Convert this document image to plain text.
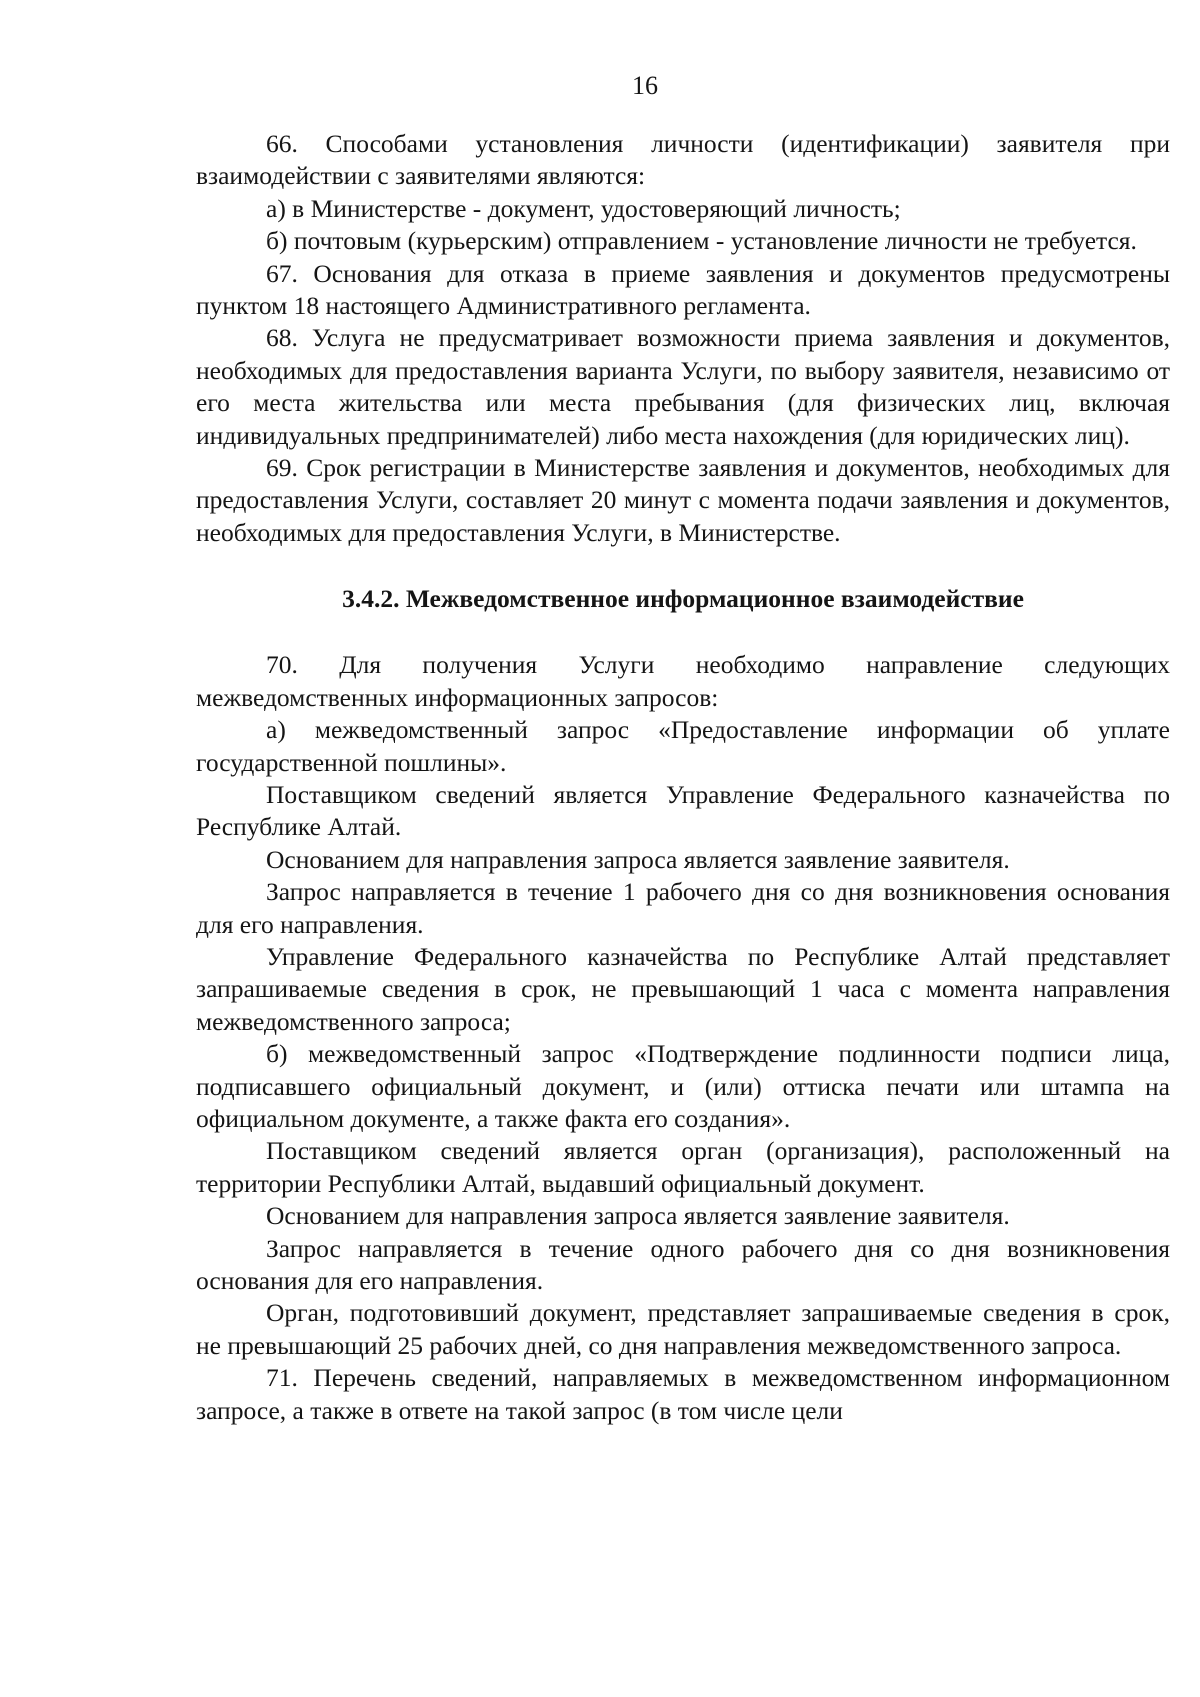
16

66. Способами установления личности (идентификации) заявителя при взаимодействии с заявителями являются:

а) в Министерстве - документ, удостоверяющий личность;

б) почтовым (курьерским) отправлением - установление личности не требуется.

67. Основания для отказа в приеме заявления и документов предусмотрены пунктом 18 настоящего Административного регламента.

68. Услуга не предусматривает возможности приема заявления и документов, необходимых для предоставления варианта Услуги, по выбору заявителя, независимо от его места жительства или места пребывания (для физических лиц, включая индивидуальных предпринимателей) либо места нахождения (для юридических лиц).

69. Срок регистрации в Министерстве заявления и документов, необходимых для предоставления Услуги, составляет 20 минут с момента подачи заявления и документов, необходимых для предоставления Услуги, в Министерстве.

3.4.2. Межведомственное информационное взаимодействие

70. Для получения Услуги необходимо направление следующих межведомственных информационных запросов:

а) межведомственный запрос «Предоставление информации об уплате государственной пошлины».

Поставщиком сведений является Управление Федерального казначейства по Республике Алтай.

Основанием для направления запроса является заявление заявителя.

Запрос направляется в течение 1 рабочего дня со дня возникновения основания для его направления.

Управление Федерального казначейства по Республике Алтай представляет запрашиваемые сведения в срок, не превышающий 1 часа с момента направления межведомственного запроса;

б) межведомственный запрос «Подтверждение подлинности подписи лица, подписавшего официальный документ, и (или) оттиска печати или штампа на официальном документе, а также факта его создания».

Поставщиком сведений является орган (организация), расположенный на территории Республики Алтай, выдавший официальный документ.

Основанием для направления запроса является заявление заявителя.

Запрос направляется в течение одного рабочего дня со дня возникновения основания для его направления.

Орган, подготовивший документ, представляет запрашиваемые сведения в срок, не превышающий 25 рабочих дней, со дня направления межведомственного запроса.

71. Перечень сведений, направляемых в межведомственном информационном запросе, а также в ответе на такой запрос (в том числе цели
